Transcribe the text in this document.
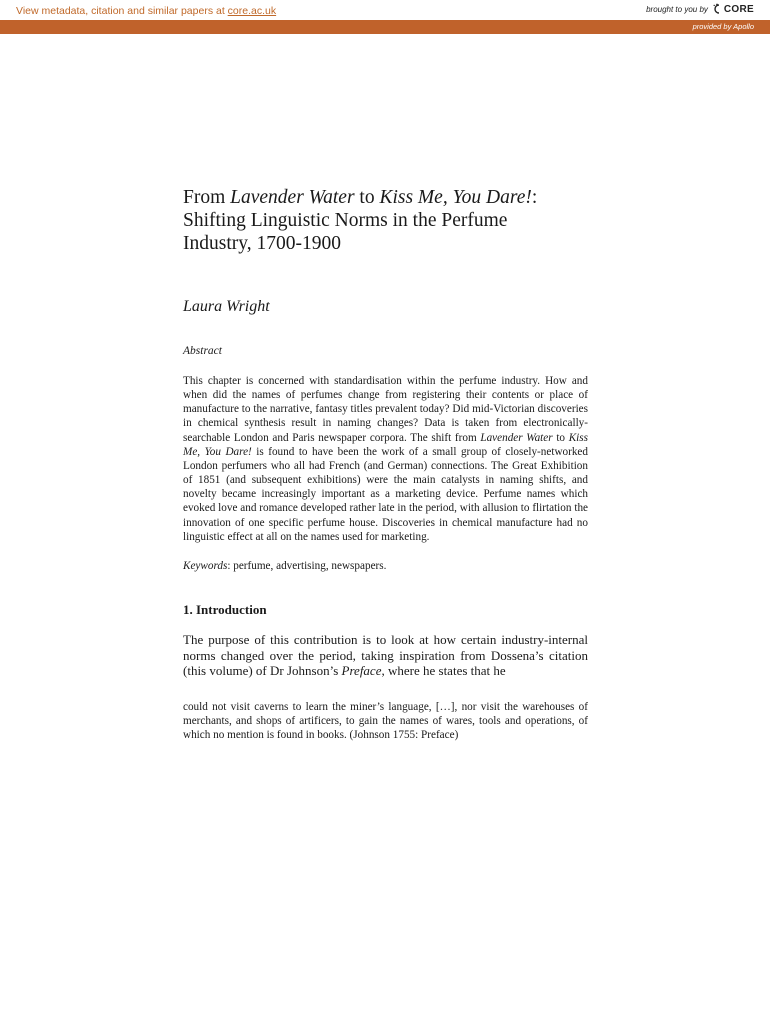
View metadata, citation and similar papers at core.ac.uk	brought to you by CORE
provided by Apollo
From Lavender Water to Kiss Me, You Dare!:
Shifting Linguistic Norms in the Perfume
Industry, 1700-1900
Laura Wright
Abstract

This chapter is concerned with standardisation within the perfume industry. How and when did the names of perfumes change from registering their contents or place of manufacture to the narrative, fantasy titles prevalent today? Did mid-Victorian discoveries in chemical synthesis result in naming changes? Data is taken from electronically-searchable London and Paris newspaper corpora. The shift from Lavender Water to Kiss Me, You Dare! is found to have been the work of a small group of closely-networked London perfumers who all had French (and German) connections. The Great Exhibition of 1851 (and subsequent exhibitions) were the main catalysts in naming shifts, and novelty became increasingly important as a marketing device. Perfume names which evoked love and romance developed rather late in the period, with allusion to flirtation the innovation of one specific perfume house. Discoveries in chemical manufacture had no linguistic effect at all on the names used for marketing.

Keywords: perfume, advertising, newspapers.
1. Introduction

The purpose of this contribution is to look at how certain industry-internal norms changed over the period, taking inspiration from Dossena’s citation (this volume) of Dr Johnson’s Preface, where he states that he

could not visit caverns to learn the miner’s language, […], nor visit the warehouses of merchants, and shops of artificers, to gain the names of wares, tools and operations, of which no mention is found in books. (Johnson 1755: Preface)
